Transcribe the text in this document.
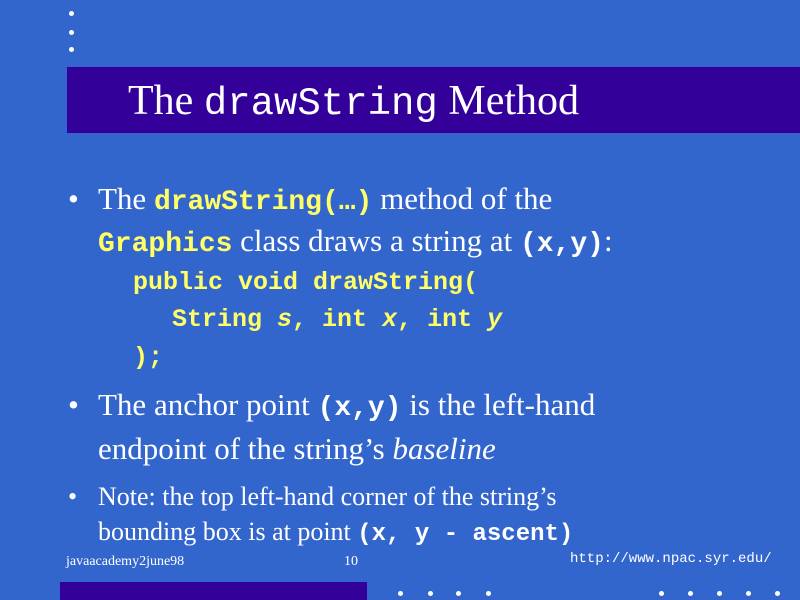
The drawString Method
• The drawString(…) method of the
Graphics class draws a string at (x,y):
public void drawString(
String s, int x, int y
);
• The anchor point (x,y) is the left-hand
endpoint of the string’s baseline
• Note: the top left-hand corner of the string’s
bounding box is at point (x, y - ascent)
javaacademy2june98	10	http://www.npac.syr.edu/
